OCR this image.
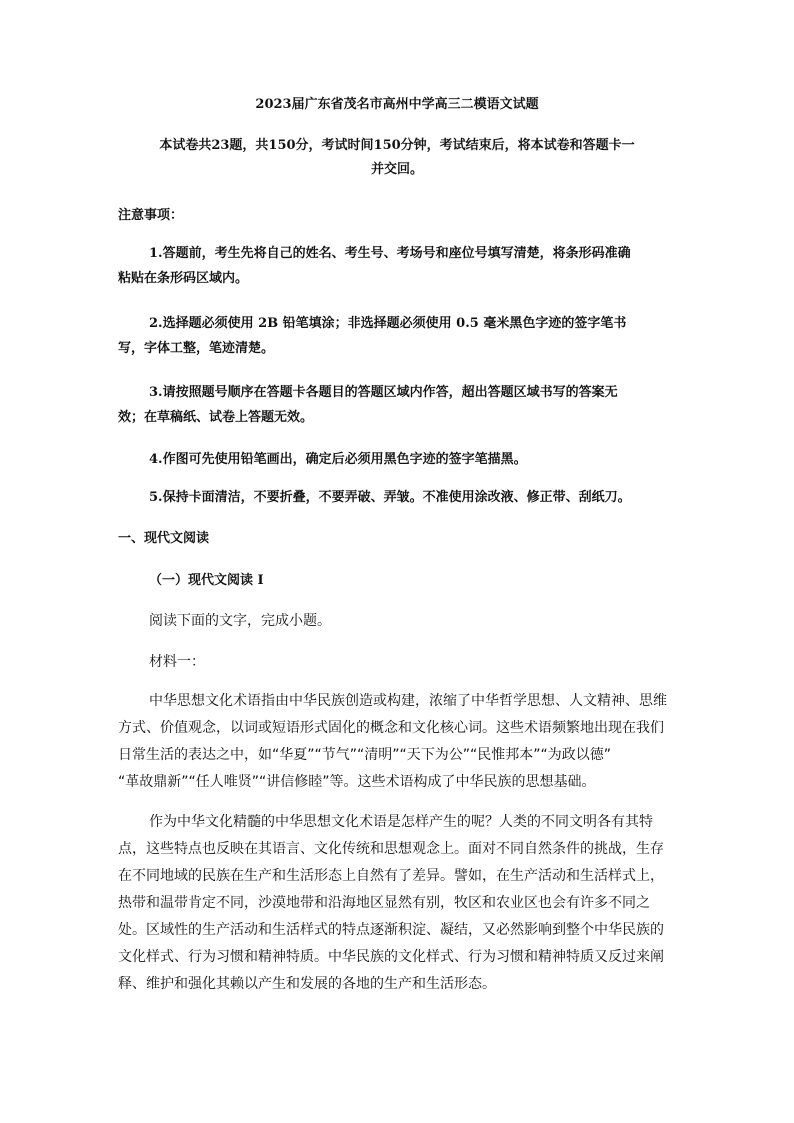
2023届广东省茂名市高州中学高三二模语文试题
本试卷共23题，共150分，考试时间150分钟，考试结束后，将本试卷和答题卡一
并交回。
注意事项：
1.答题前，考生先将自己的姓名、考生号、考场号和座位号填写清楚，将条形码准确
粘贴在条形码区域内。
2.选择题必须使用 2B 铅笔填涂；非选择题必须使用 0.5 毫米黑色字迹的签字笔书
写，字体工整，笔迹清楚。
3.请按照题号顺序在答题卡各题目的答题区域内作答，超出答题区域书写的答案无
效；在草稿纸、试卷上答题无效。
4.作图可先使用铅笔画出，确定后必须用黑色字迹的签字笔描黑。
5.保持卡面清洁，不要折叠，不要弄破、弄皱。不准使用涂改液、修正带、刮纸刀。
一、现代文阅读
（一）现代文阅读 I
阅读下面的文字，完成小题。
材料一：
中华思想文化术语指由中华民族创造或构建，浓缩了中华哲学思想、人文精神、思维
方式、价值观念，以词或短语形式固化的概念和文化核心词。这些术语频繁地出现在我们
日常生活的表达之中，如“华夏”“节气”“清明”“天下为公”“民惟邦本”“为政以德”
“革故鼎新”“任人唯贤”“讲信修睦”等。这些术语构成了中华民族的思想基础。
作为中华文化精髓的中华思想文化术语是怎样产生的呢？人类的不同文明各有其特
点，这些特点也反映在其语言、文化传统和思想观念上。面对不同自然条件的挑战，生存
在不同地域的民族在生产和生活形态上自然有了差异。譬如，在生产活动和生活样式上，
热带和温带肯定不同，沙漠地带和沿海地区显然有别，牧区和农业区也会有许多不同之
处。区域性的生产活动和生活样式的特点逐渐积淀、凝结，又必然影响到整个中华民族的
文化样式、行为习惯和精神特质。中华民族的文化样式、行为习惯和精神特质又反过来阐
释、维护和强化其赖以产生和发展的各地的生产和生活形态。
